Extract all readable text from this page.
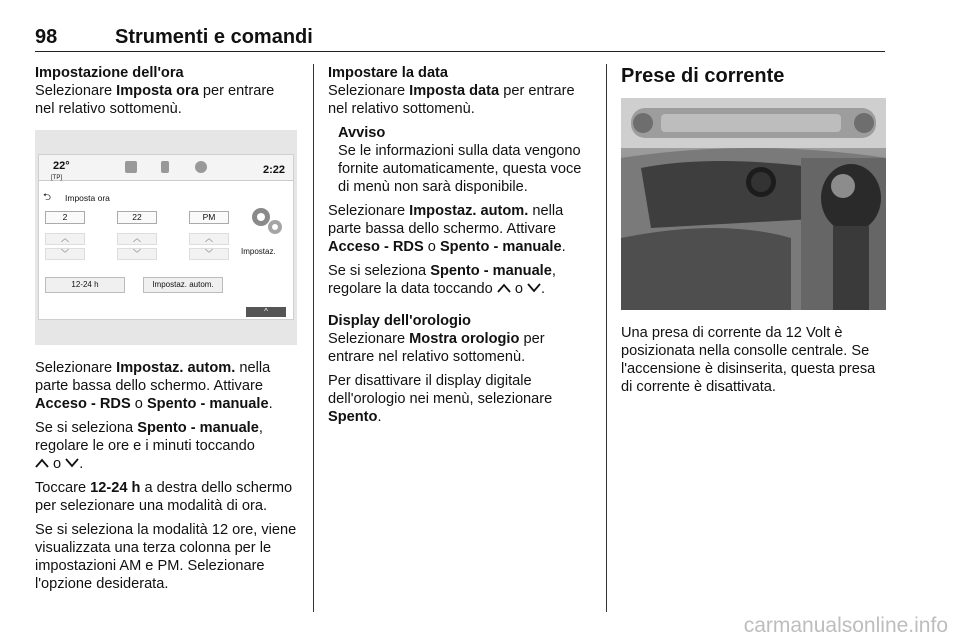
98	Strumenti e comandi
Impostazione dell'ora

Selezionare Imposta ora per entrare nel relativo sottomenù.

22°
[TP]
2:22
⮌ Imposta ora
2	22	PM
︿	︿	︿
﹀	﹀	﹀
12-24 h	Impostaz. autom.
Impostaz.
^

Selezionare Impostaz. autom. nella parte bassa dello schermo. Attivare Acceso - RDS o Spento - manuale.

Se si seleziona Spento - manuale, regolare le ore e i minuti toccando
o .

Toccare 12-24 h a destra dello schermo per selezionare una modalità di ora.

Se si seleziona la modalità 12 ore, viene visualizzata una terza colonna per le impostazioni AM e PM. Selezionare l'opzione desiderata.

Impostare la data

Selezionare Imposta data per entrare nel relativo sottomenù.

Avviso
Se le informazioni sulla data vengono fornite automaticamente, questa voce di menù non sarà disponibile.

Selezionare Impostaz. autom. nella parte bassa dello schermo. Attivare Acceso - RDS o Spento - manuale.

Se si seleziona Spento - manuale, regolare la data toccando  o .

Display dell'orologio

Selezionare Mostra orologio per entrare nel relativo sottomenù.

Per disattivare il display digitale dell'orologio nei menù, selezionare Spento.

Prese di corrente

Una presa di corrente da 12 Volt è posizionata nella consolle centrale. Se l'accensione è disinserita, questa presa di corrente è disattivata.

carmanualsonline.info
